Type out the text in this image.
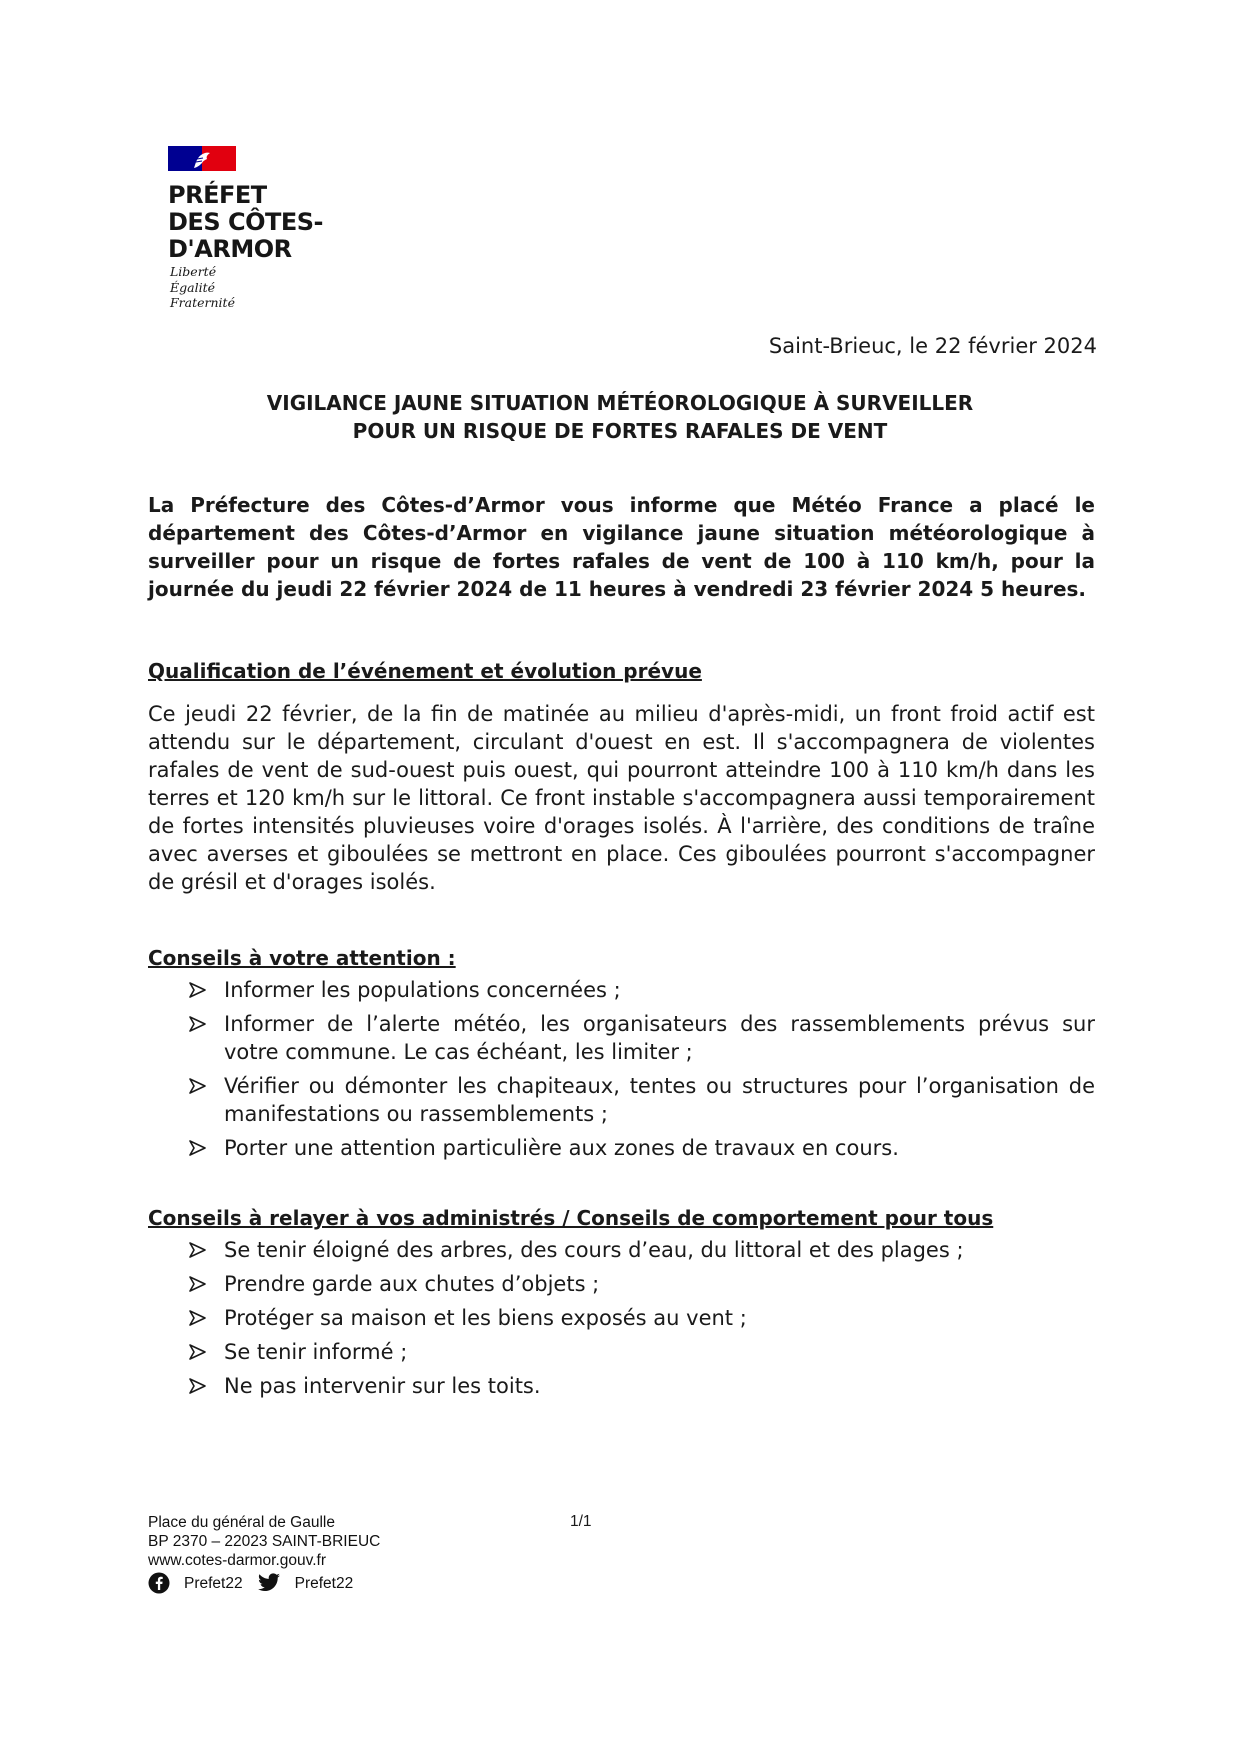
PRÉFET
DES CÔTES-
D'ARMOR
Liberté
Égalité
Fraternité
Saint-Brieuc, le 22 février 2024
VIGILANCE JAUNE SITUATION MÉTÉOROLOGIQUE À SURVEILLER
POUR UN RISQUE DE FORTES RAFALES DE VENT
La Préfecture des Côtes-d’Armor vous informe que Météo France a placé le département des Côtes-d’Armor en vigilance jaune situation météorologique à surveiller pour un risque de fortes rafales de vent de 100 à 110 km/h, pour la journée du jeudi 22 février 2024 de 11 heures à vendredi 23 février 2024 5 heures.
Qualification de l’événement et évolution prévue
Ce jeudi 22 février, de la fin de matinée au milieu d'après-midi, un front froid actif est attendu sur le département, circulant d'ouest en est. Il s'accompagnera de violentes rafales de vent de sud-ouest puis ouest, qui pourront atteindre 100 à 110 km/h dans les terres et 120 km/h sur le littoral. Ce front instable s'accompagnera aussi temporairement de fortes intensités pluvieuses voire d'orages isolés. À l'arrière, des conditions de traîne avec averses et giboulées se mettront en place. Ces giboulées pourront s'accompagner de grésil et d'orages isolés.
Conseils à votre attention :
Informer les populations concernées ;
Informer de l’alerte météo, les organisateurs des rassemblements prévus sur votre commune. Le cas échéant, les limiter ;
Vérifier ou démonter les chapiteaux, tentes ou structures pour l’organisation de manifestations ou rassemblements ;
Porter une attention particulière aux zones de travaux en cours.
Conseils à relayer à vos administrés / Conseils de comportement pour tous
Se tenir éloigné des arbres, des cours d’eau, du littoral et des plages ;
Prendre garde aux chutes d’objets ;
Protéger sa maison et les biens exposés au vent ;
Se tenir informé ;
Ne pas intervenir sur les toits.
Place du général de Gaulle
BP 2370 – 22023 SAINT-BRIEUC
www.cotes-darmor.gouv.fr
Prefet22	Prefet22
1/1
